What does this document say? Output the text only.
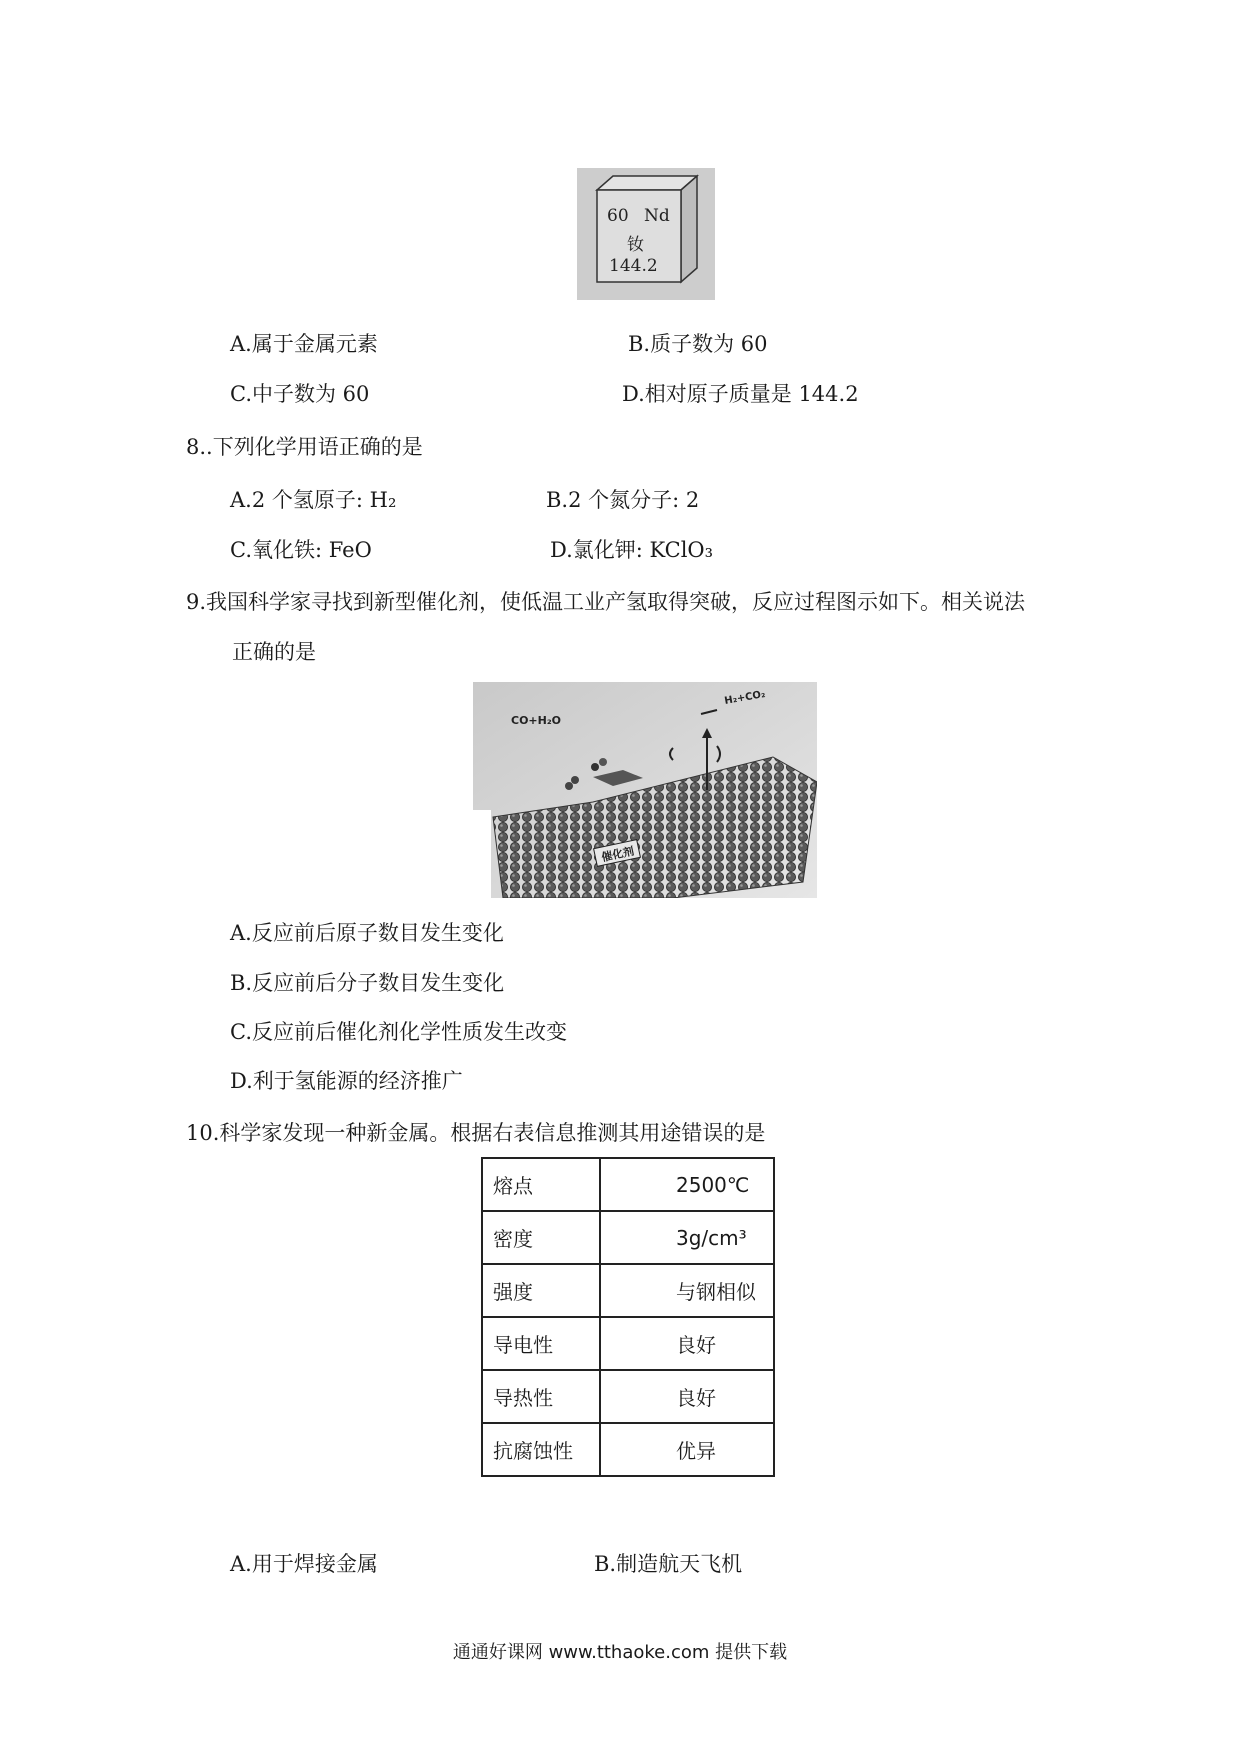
60 Nd
钕
144.2
A.属于金属元素	B.质子数为 60
C.中子数为 60	D.相对原子质量是 144.2
8..下列化学用语正确的是
A.2 个氢原子: H₂	B.2 个氮分子: 2
C.氧化铁: FeO	D.氯化钾: KClO₃
9.我国科学家寻找到新型催化剂，使低温工业产氢取得突破，反应过程图示如下。相关说法
正确的是
CO+H₂O
H₂+CO₂
催化剂
A.反应前后原子数目发生变化
B.反应前后分子数目发生变化
C.反应前后催化剂化学性质发生改变
D.利于氢能源的经济推广
10.科学家发现一种新金属。根据右表信息推测其用途错误的是
熔点	2500℃
密度	3g/cm³
强度	与钢相似
导电性	良好
导热性	良好
抗腐蚀性	优异
A.用于焊接金属	B.制造航天飞机
通通好课网 www.tthaoke.com 提供下载
